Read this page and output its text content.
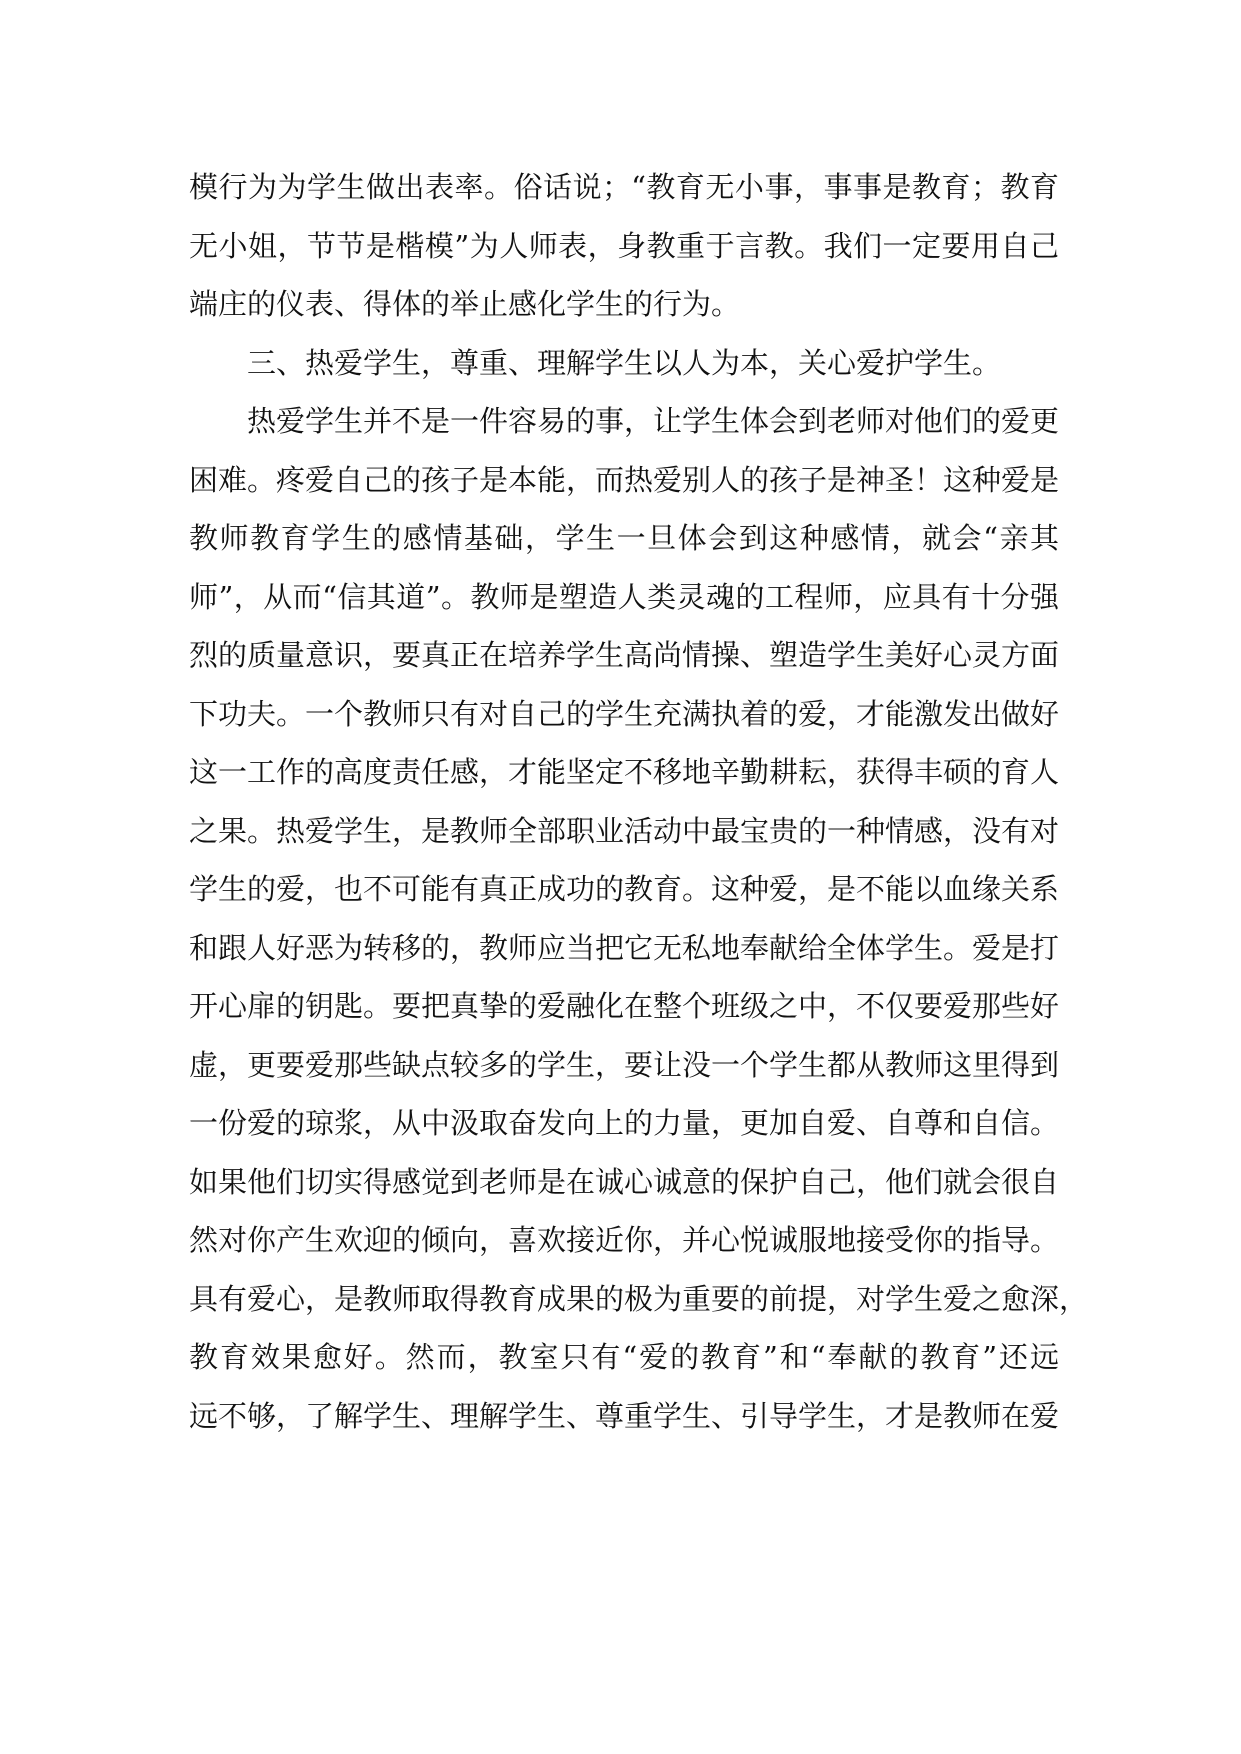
模行为为学生做出表率。俗话说；“教育无小事，事事是教育；教育
无小姐，节节是楷模”为人师表，身教重于言教。我们一定要用自己
端庄的仪表、得体的举止感化学生的行为。
三、热爱学生，尊重、理解学生以人为本，关心爱护学生。
热爱学生并不是一件容易的事，让学生体会到老师对他们的爱更
困难。疼爱自己的孩子是本能，而热爱别人的孩子是神圣！这种爱是
教师教育学生的感情基础，学生一旦体会到这种感情，就会“亲其
师”，从而“信其道”。教师是塑造人类灵魂的工程师，应具有十分强
烈的质量意识，要真正在培养学生高尚情操、塑造学生美好心灵方面
下功夫。一个教师只有对自己的学生充满执着的爱，才能激发出做好
这一工作的高度责任感，才能坚定不移地辛勤耕耘，获得丰硕的育人
之果。热爱学生，是教师全部职业活动中最宝贵的一种情感，没有对
学生的爱，也不可能有真正成功的教育。这种爱，是不能以血缘关系
和跟人好恶为转移的，教师应当把它无私地奉献给全体学生。爱是打
开心扉的钥匙。要把真挚的爱融化在整个班级之中，不仅要爱那些好
虚，更要爱那些缺点较多的学生，要让没一个学生都从教师这里得到
一份爱的琼浆，从中汲取奋发向上的力量，更加自爱、自尊和自信。
如果他们切实得感觉到老师是在诚心诚意的保护自己，他们就会很自
然对你产生欢迎的倾向，喜欢接近你，并心悦诚服地接受你的指导。
具有爱心，是教师取得教育成果的极为重要的前提，对学生爱之愈深，
教育效果愈好。然而，教室只有“爱的教育”和“奉献的教育”还远
远不够，了解学生、理解学生、尊重学生、引导学生，才是教师在爱
